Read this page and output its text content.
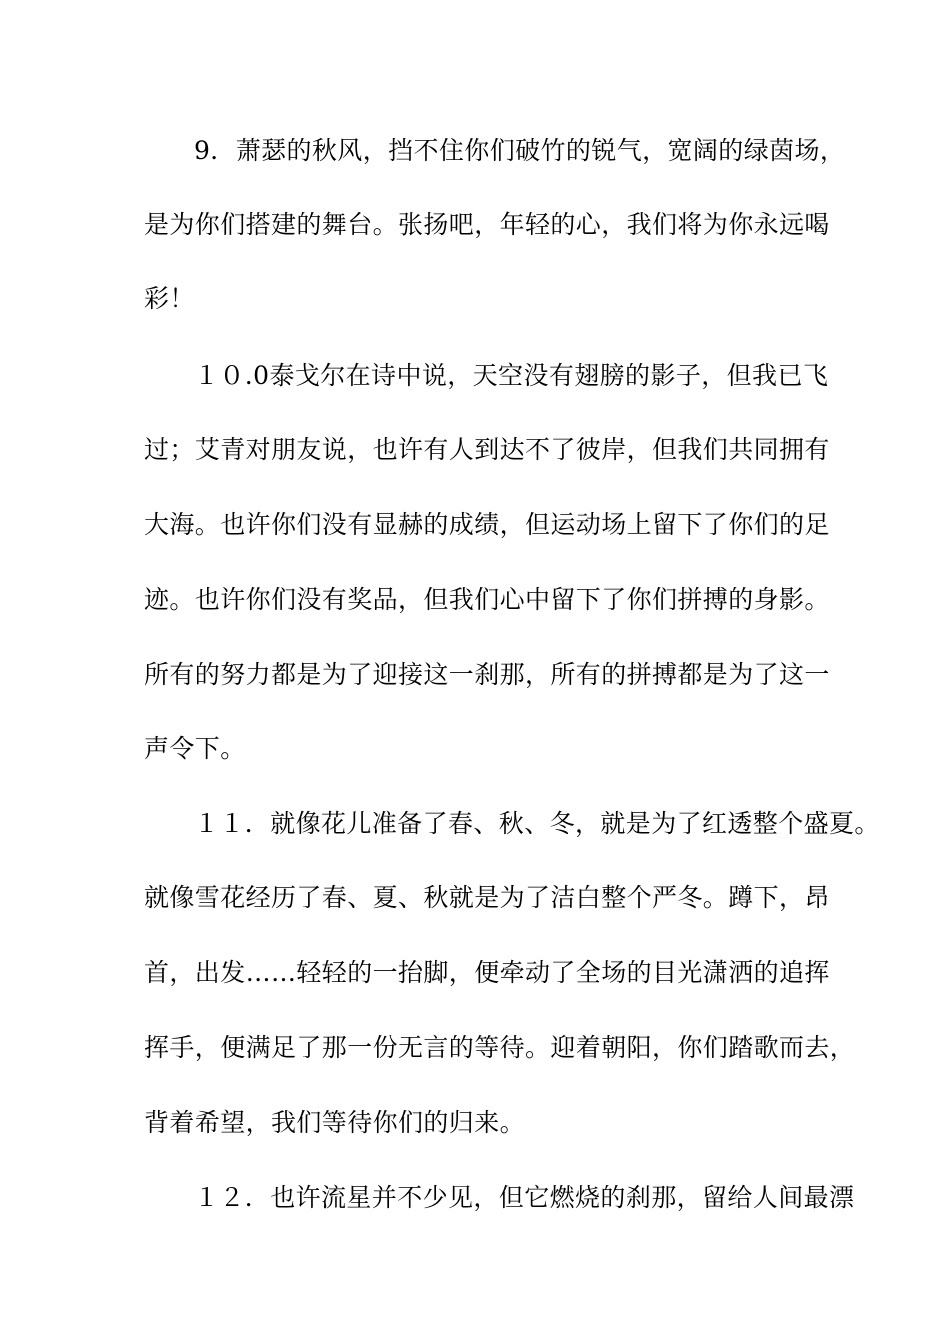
9．萧瑟的秋风，挡不住你们破竹的锐气，宽阔的绿茵场，
是为你们搭建的舞台。张扬吧，年轻的心，我们将为你永远喝
彩！
１０.0泰戈尔在诗中说，天空没有翅膀的影子，但我已飞
过；艾青对朋友说，也许有人到达不了彼岸，但我们共同拥有
大海。也许你们没有显赫的成绩，但运动场上留下了你们的足
迹。也许你们没有奖品，但我们心中留下了你们拼搏的身影。
所有的努力都是为了迎接这一刹那，所有的拼搏都是为了这一
声令下。
１１．就像花儿准备了春、秋、冬，就是为了红透整个盛夏。
就像雪花经历了春、夏、秋就是为了洁白整个严冬。蹲下，昂
首，出发……轻轻的一抬脚，便牵动了全场的目光潇洒的追挥
挥手，便满足了那一份无言的等待。迎着朝阳，你们踏歌而去，
背着希望，我们等待你们的归来。
１２．也许流星并不少见，但它燃烧的刹那，留给人间最漂
